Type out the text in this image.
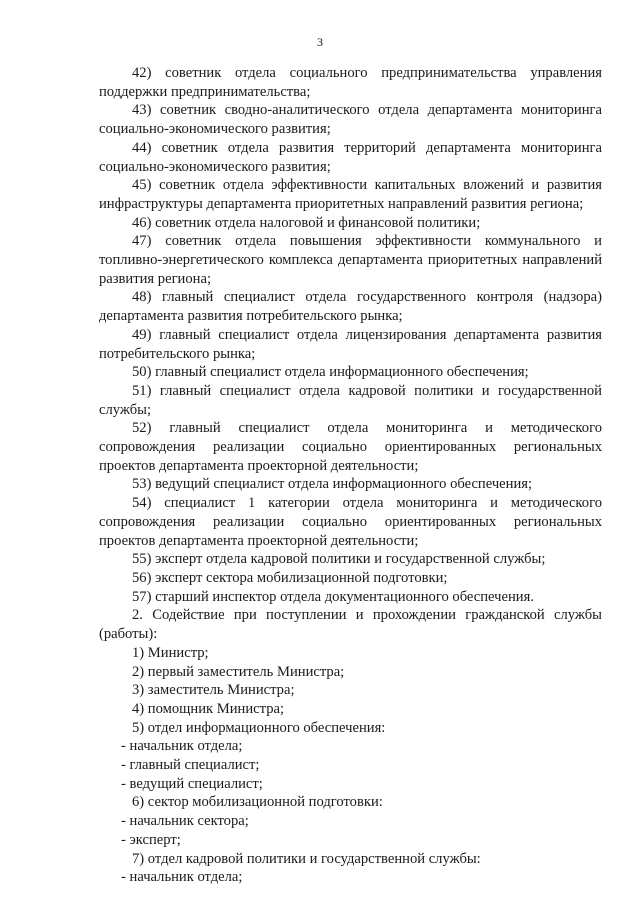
3

42) советник отдела социального предпринимательства управления поддержки предпринимательства;

43) советник сводно-аналитического отдела департамента мониторинга социально-экономического развития;

44) советник отдела развития территорий департамента мониторинга социально-экономического развития;

45) советник отдела эффективности капитальных вложений и развития инфраструктуры департамента приоритетных направлений развития региона;

46) советник отдела налоговой и финансовой политики;

47) советник отдела повышения эффективности коммунального и топливно-энергетического комплекса департамента приоритетных направлений развития региона;

48) главный специалист отдела государственного контроля (надзора) департамента развития потребительского рынка;

49) главный специалист отдела лицензирования департамента развития потребительского рынка;

50) главный специалист отдела информационного обеспечения;

51) главный специалист отдела кадровой политики и государственной службы;

52) главный специалист отдела мониторинга и методического сопровождения реализации социально ориентированных региональных проектов департамента проекторной деятельности;

53) ведущий специалист отдела информационного обеспечения;

54) специалист 1 категории отдела мониторинга и методического сопровождения реализации социально ориентированных региональных проектов департамента проекторной деятельности;

55) эксперт отдела кадровой политики и государственной службы;

56) эксперт сектора мобилизационной подготовки;

57) старший инспектор отдела документационного обеспечения.

2. Содействие при поступлении и прохождении гражданской службы (работы):

1) Министр;

2) первый заместитель Министра;

3) заместитель Министра;

4) помощник Министра;

5) отдел информационного обеспечения:

- начальник отдела;

- главный специалист;

- ведущий специалист;

6) сектор мобилизационной подготовки:

- начальник сектора;

- эксперт;

7) отдел кадровой политики и государственной службы:

- начальник отдела;
